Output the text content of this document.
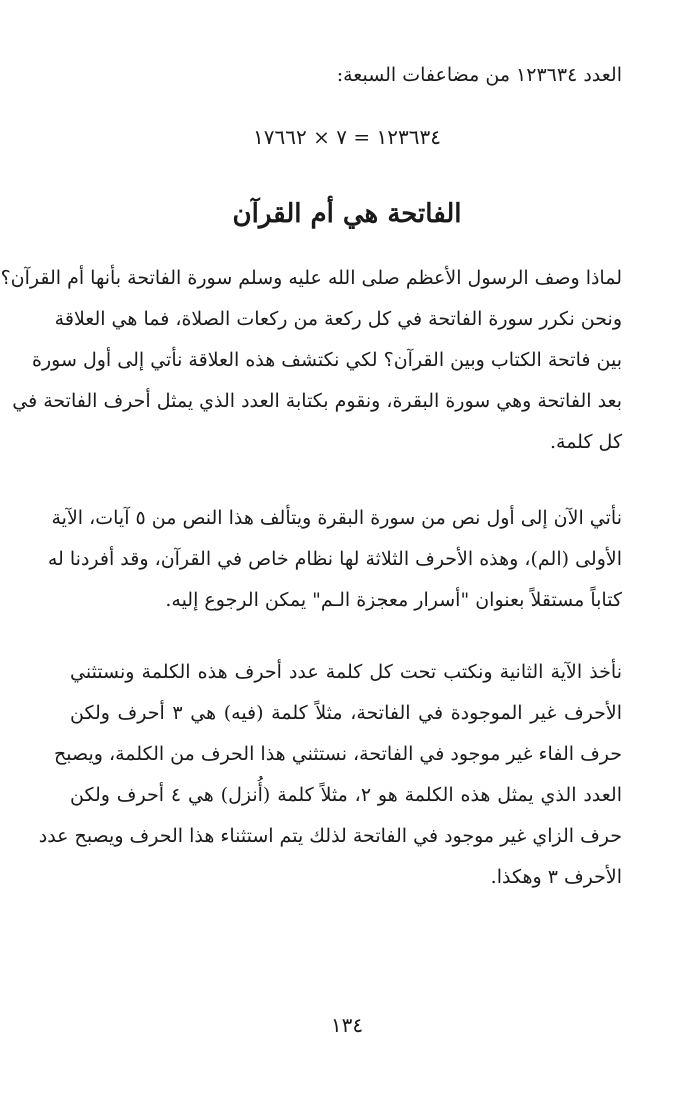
العدد ١٢٣٦٣٤ من مضاعفات السبعة:
١٢٣٦٣٤ = ٧ × ١٧٦٦٢
الفاتحة هي أم القرآن
لماذا وصف الرسول الأعظم صلى الله عليه وسلم سورة الفاتحة بأنها أم القرآن؟
ونحن نكرر سورة الفاتحة في كل ركعة من ركعات الصلاة، فما هي العلاقة
بين فاتحة الكتاب وبين القرآن؟ لكي نكتشف هذه العلاقة نأتي إلى أول سورة
بعد الفاتحة وهي سورة البقرة، ونقوم بكتابة العدد الذي يمثل أحرف الفاتحة في
كل كلمة.
نأتي الآن إلى أول نص من سورة البقرة ويتألف هذا النص من ٥ آيات، الآية
الأولى (الم)، وهذه الأحرف الثلاثة لها نظام خاص في القرآن، وقد أفردنا له
كتاباً مستقلاً بعنوان "أسرار معجزة الـم" يمكن الرجوع إليه.
نأخذ الآية الثانية ونكتب تحت كل كلمة عدد أحرف هذه الكلمة ونستثني
الأحرف غير الموجودة في الفاتحة، مثلاً كلمة (فيه) هي ٣ أحرف ولكن
حرف الفاء غير موجود في الفاتحة، نستثني هذا الحرف من الكلمة، ويصبح
العدد الذي يمثل هذه الكلمة هو ٢، مثلاً كلمة (أُنزل) هي ٤ أحرف ولكن
حرف الزاي غير موجود في الفاتحة لذلك يتم استثناء هذا الحرف ويصبح عدد
الأحرف ٣ وهكذا.
١٣٤
